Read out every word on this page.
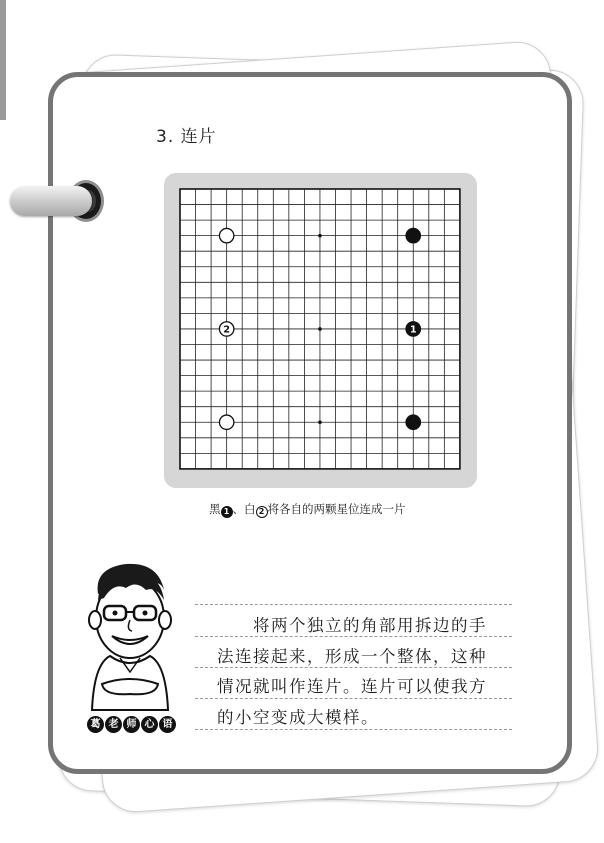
3. 连片
2	1
黑 1 、白 2 将各自的两颗星位连成一片
葛 老 师 心 语
将两个独立的角部用拆边的手
法连接起来，形成一个整体，这种
情况就叫作连片。连片可以使我方
的小空变成大模样。
